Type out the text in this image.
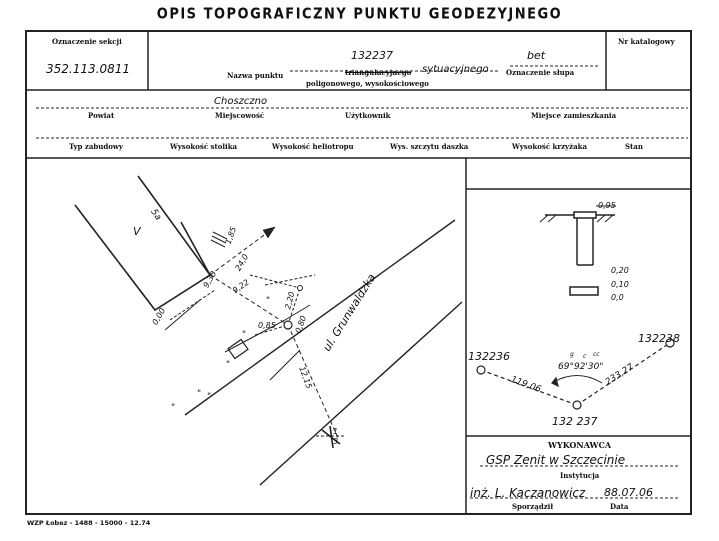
OPIS TOPOGRAFICZNY PUNKTU GEODEZYJNEGO
Oznaczenie sekcji
352.113.0811
132237	bet
Nr katalogowy
Nazwa punktu	triangulacyjnego sytuacyjnego
poligonowego, wysokościowego
Oznaczenie słupa
Choszczno
Powiat	Miejscowość	Użytkownik	Miejsce zamieszkania
Typ zabudowy	Wysokość stolika	Wysokość heliotropu	Wys. szczytu daszka	Wysokość krzyżaka	Stan
V
5a
1,85
24,0
9,30 9,22
2,20
0,00	0,85 0,80
12,15
ul. Grunwaldzka
1
3
"
"
"
"
"
"
0,95
0,20
0,10
0,0
132236
132238
132 237
g c cc
69°92'30"
119,06	233,27
WYKONAWCA
GSP Zenit w Szczecinie
Instytucja
inż. L. Kaczanowicz 88.07.06
Sporządził	Data
WZP Łobez - 1488 - 15000 - 12.74
